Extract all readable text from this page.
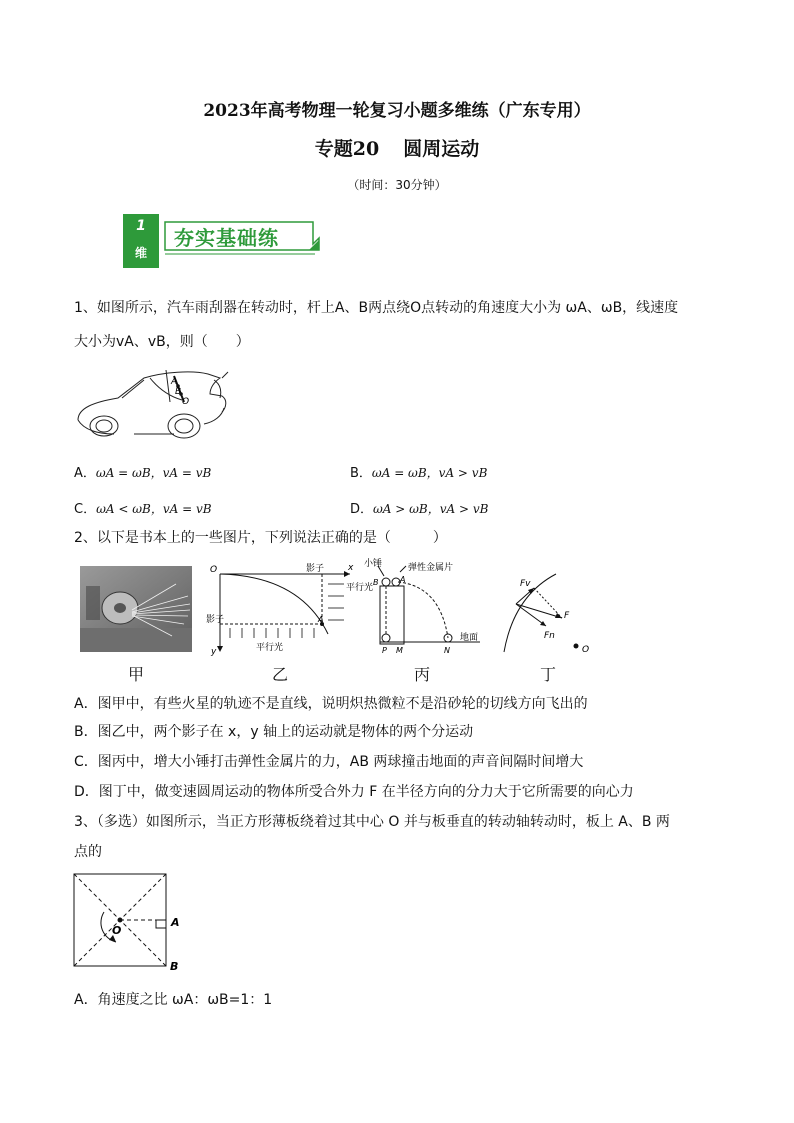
2023年高考物理一轮复习小题多维练（广东专用）
专题20 圆周运动
（时间：30分钟）
1
维
夯实基础练
1、如图所示，汽车雨刮器在转动时，杆上A、B两点绕O点转动的角速度大小为 ωA、ωB，线速度
大小为vA、vB，则（　　）
A
B
O
A．ωA = ωB，vA = vB	B．ωA = ωB，vA > vB
C．ωA < ωB，vA = vB	D．ωA > ωB，vA > vB
2、以下是书本上的一些图片，下列说法正确的是（　　　）
甲
O	x
y
A
影子
影子
平行光
平行光
乙
小锤	弹性金属片
A
B
P M	N
地面
丙
Fv
F
Fn
O
丁
A．图甲中，有些火星的轨迹不是直线，说明炽热微粒不是沿砂轮的切线方向飞出的
B．图乙中，两个影子在 x，y 轴上的运动就是物体的两个分运动
C．图丙中，增大小锤打击弹性金属片的力，AB 两球撞击地面的声音间隔时间增大
D．图丁中，做变速圆周运动的物体所受合外力 F 在半径方向的分力大于它所需要的向心力
3、（多选）如图所示，当正方形薄板绕着过其中心 O 并与板垂直的转动轴转动时，板上 A、B 两
点的
O
A
B
A．角速度之比 ωA：ωB=1：1
